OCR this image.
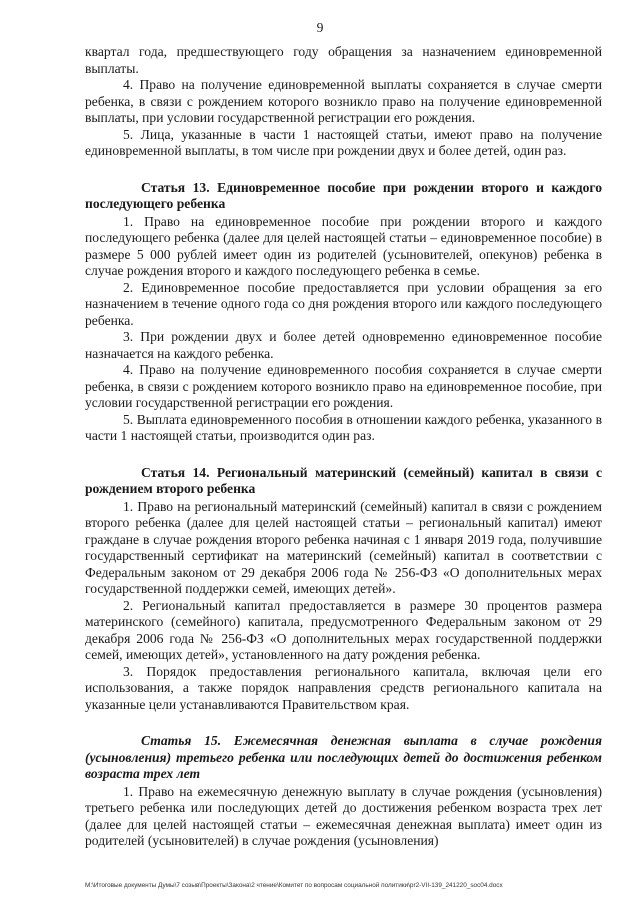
9

квартал года, предшествующего году обращения за назначением единовременной выплаты.

4. Право на получение единовременной выплаты сохраняется в случае смерти ребенка, в связи с рождением которого возникло право на получение единовременной выплаты, при условии государственной регистрации его рождения.

5. Лица, указанные в части 1 настоящей статьи, имеют право на получение единовременной выплаты, в том числе при рождении двух и более детей, один раз.

Статья 13. Единовременное пособие при рождении второго и каждого последующего ребенка

1. Право на единовременное пособие при рождении второго и каждого последующего ребенка (далее для целей настоящей статьи – единовременное пособие) в размере 5 000 рублей имеет один из родителей (усыновителей, опекунов) ребенка в случае рождения второго и каждого последующего ребенка в семье.

2. Единовременное пособие предоставляется при условии обращения за его назначением в течение одного года со дня рождения второго или каждого последующего ребенка.

3. При рождении двух и более детей одновременно единовременное пособие назначается на каждого ребенка.

4. Право на получение единовременного пособия сохраняется в случае смерти ребенка, в связи с рождением которого возникло право на единовременное пособие, при условии государственной регистрации его рождения.

5. Выплата единовременного пособия в отношении каждого ребенка, указанного в части 1 настоящей статьи, производится один раз.

Статья 14. Региональный материнский (семейный) капитал в связи с рождением второго ребенка

1. Право на региональный материнский (семейный) капитал в связи с рождением второго ребенка (далее для целей настоящей статьи – региональный капитал) имеют граждане в случае рождения второго ребенка начиная с 1 января 2019 года, получившие государственный сертификат на материнский (семейный) капитал в соответствии с Федеральным законом от 29 декабря 2006 года № 256-ФЗ «О дополнительных мерах государственной поддержки семей, имеющих детей».

2. Региональный капитал предоставляется в размере 30 процентов размера материнского (семейного) капитала, предусмотренного Федеральным законом от 29 декабря 2006 года № 256-ФЗ «О дополнительных мерах государственной поддержки семей, имеющих детей», установленного на дату рождения ребенка.

3. Порядок предоставления регионального капитала, включая цели его использования, а также порядок направления средств регионального капитала на указанные цели устанавливаются Правительством края.

Статья 15. Ежемесячная денежная выплата в случае рождения (усыновления) третьего ребенка или последующих детей до достижения ребенком возраста трех лет

1. Право на ежемесячную денежную выплату в случае рождения (усыновления) третьего ребенка или последующих детей до достижения ребенком возраста трех лет (далее для целей настоящей статьи – ежемесячная денежная выплата) имеет один из родителей (усыновителей) в случае рождения (усыновления)

M:\Итоговые документы Думы\7 созыв\Проекты\Закона\2 чтение\Комитет по вопросам социальной политики\pr2-VII-139_241220_soc04.docx
